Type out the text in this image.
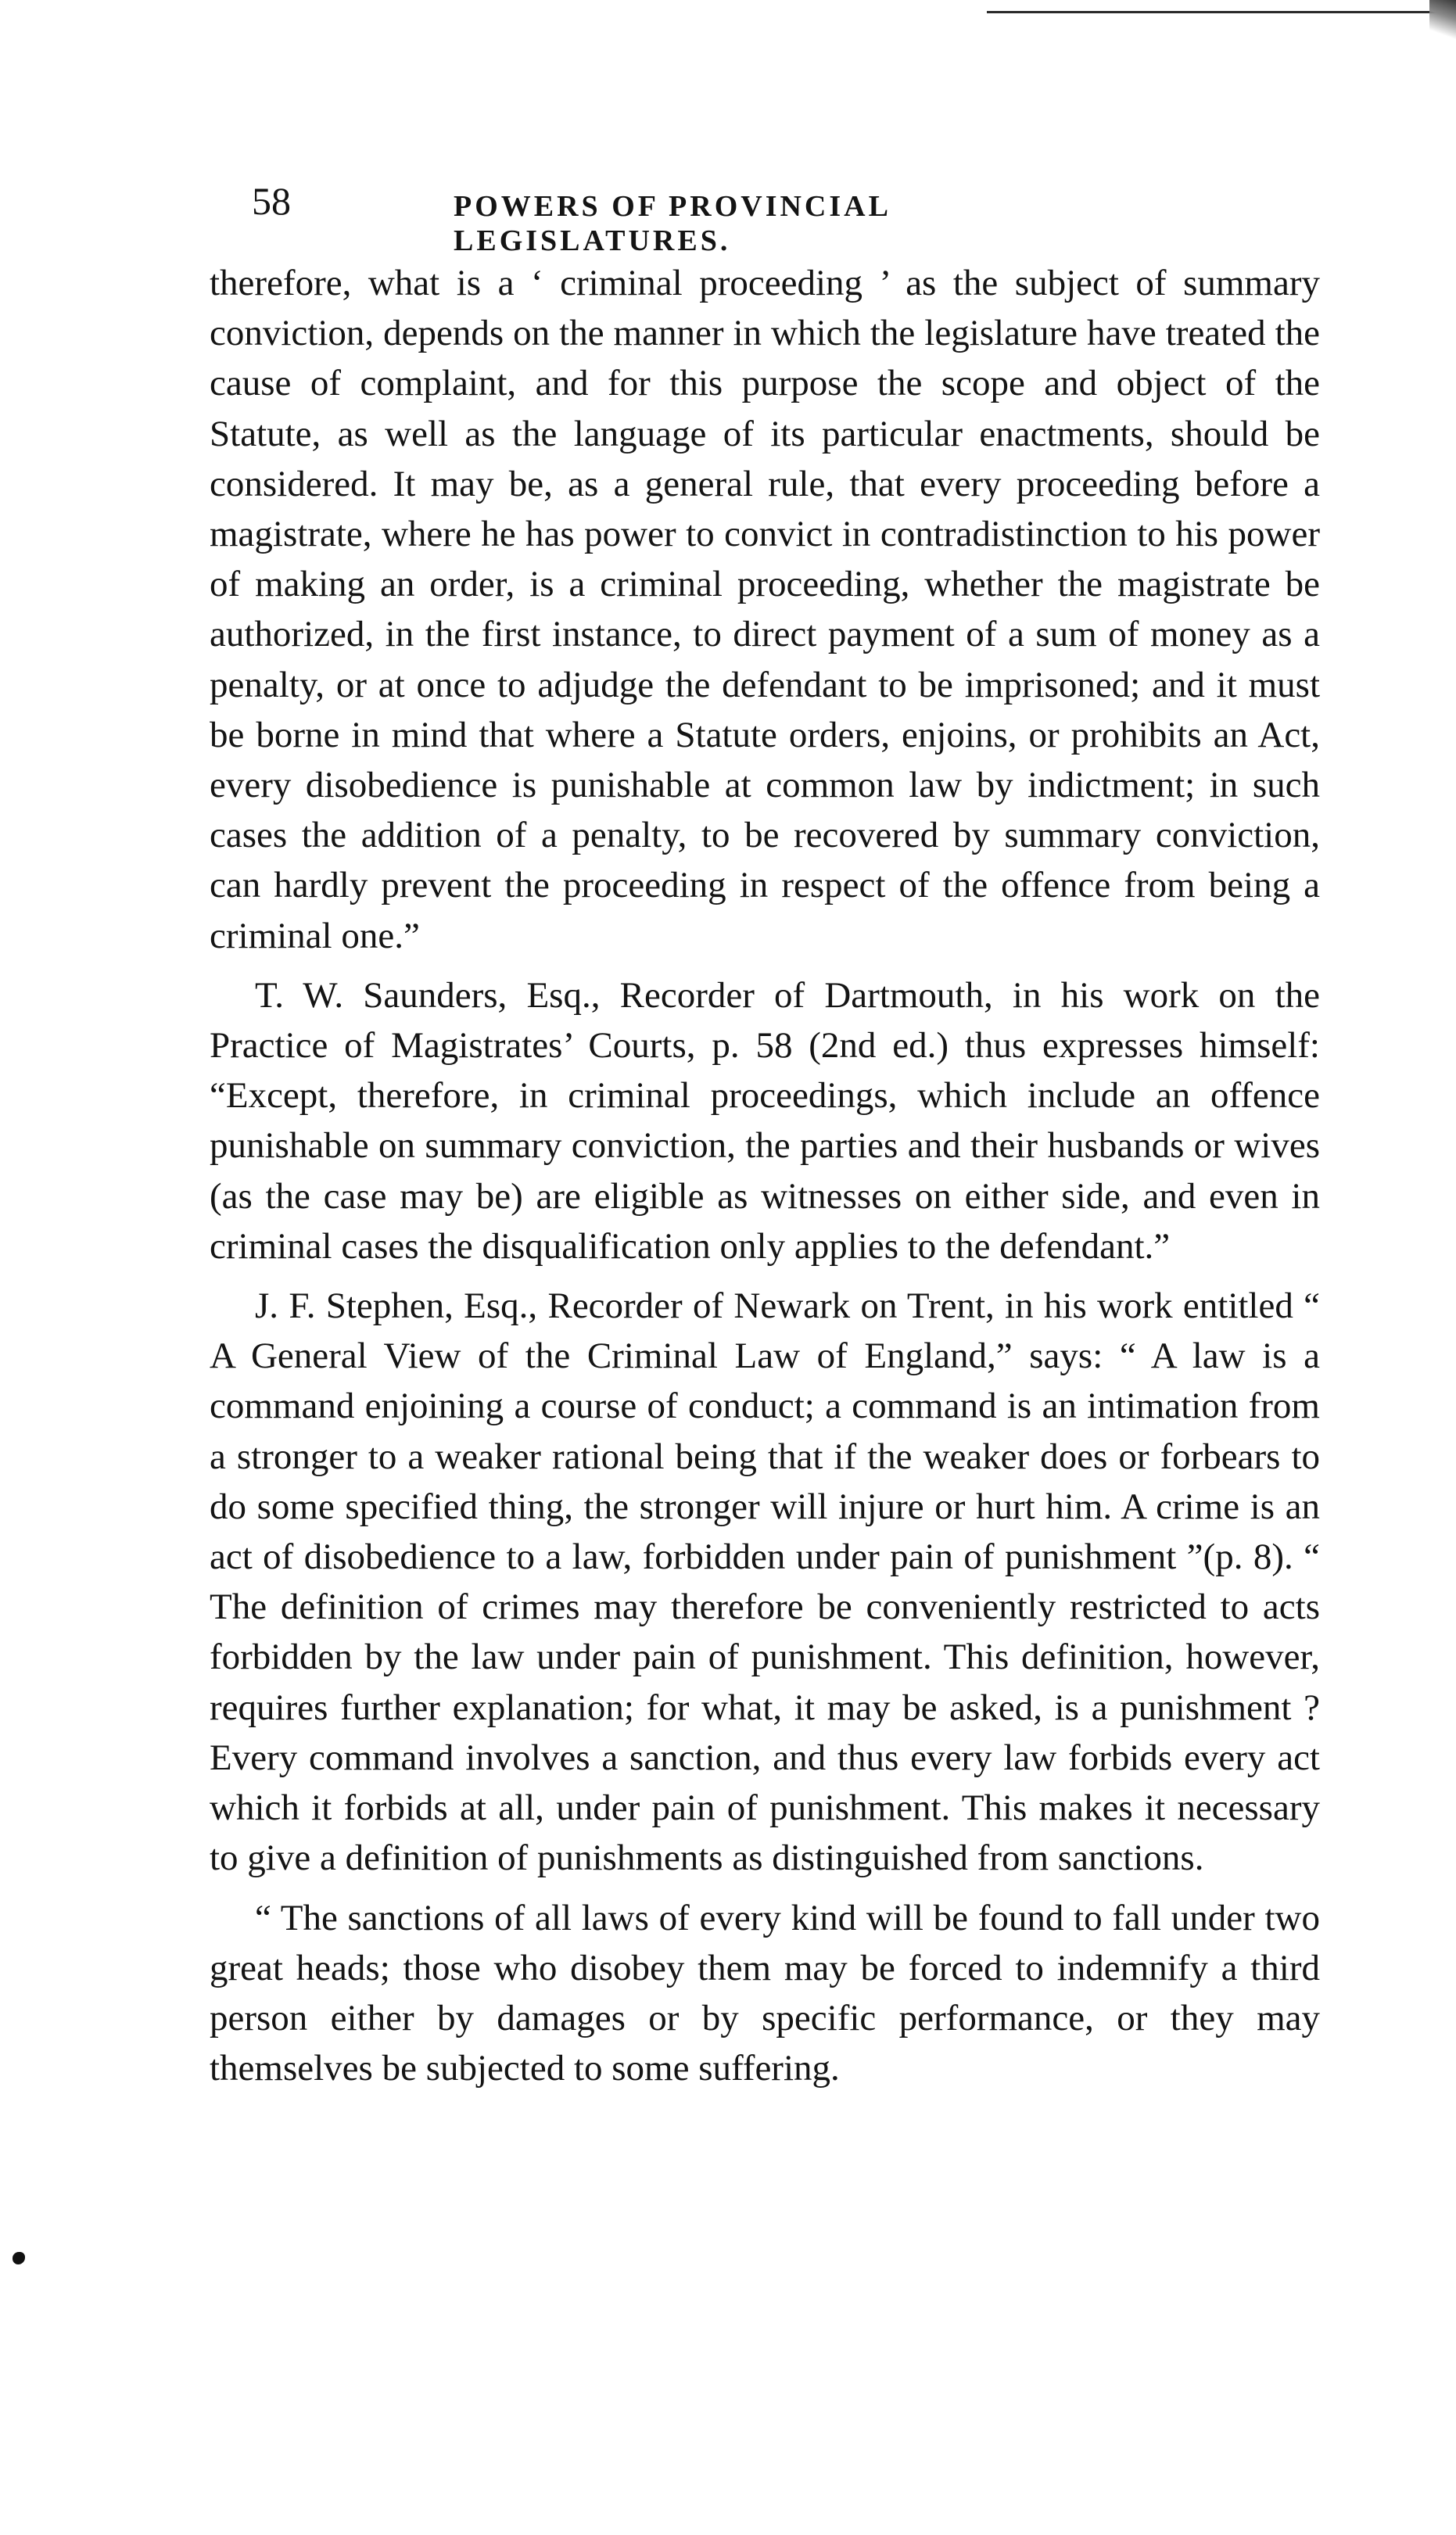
58	POWERS OF PROVINCIAL LEGISLATURES.

therefore, what is a ‘ criminal proceeding ’ as the subject of summary conviction, depends on the manner in which the legislature have treated the cause of complaint, and for this purpose the scope and object of the Statute, as well as the language of its particular enactments, should be considered. It may be, as a general rule, that every proceeding before a magistrate, where he has power to convict in contradistinction to his power of making an order, is a criminal proceeding, whether the magistrate be authorized, in the first instance, to direct payment of a sum of money as a penalty, or at once to adjudge the defendant to be imprisoned; and it must be borne in mind that where a Statute orders, enjoins, or prohibits an Act, every disobedience is punishable at common law by indictment; in such cases the addition of a penalty, to be recovered by summary conviction, can hardly prevent the proceeding in respect of the offence from being a criminal one.”

T. W. Saunders, Esq., Recorder of Dartmouth, in his work on the Practice of Magistrates’ Courts, p. 58 (2nd ed.) thus expresses himself: “Except, therefore, in criminal proceedings, which include an offence punishable on summary conviction, the parties and their husbands or wives (as the case may be) are eligible as witnesses on either side, and even in criminal cases the disqualification only applies to the defendant.”

J. F. Stephen, Esq., Recorder of Newark on Trent, in his work entitled “ A General View of the Criminal Law of England,” says: “ A law is a command enjoining a course of conduct; a command is an intimation from a stronger to a weaker rational being that if the weaker does or forbears to do some specified thing, the stronger will injure or hurt him. A crime is an act of disobedience to a law, forbidden under pain of punishment ”(p. 8). “ The definition of crimes may therefore be conveniently restricted to acts forbidden by the law under pain of punishment. This definition, however, requires further explanation; for what, it may be asked, is a punishment ? Every command involves a sanction, and thus every law forbids every act which it forbids at all, under pain of punishment. This makes it necessary to give a definition of punishments as distinguished from sanctions.

“ The sanctions of all laws of every kind will be found to fall under two great heads; those who disobey them may be forced to indemnify a third person either by damages or by specific performance, or they may themselves be subjected to some suffering.
